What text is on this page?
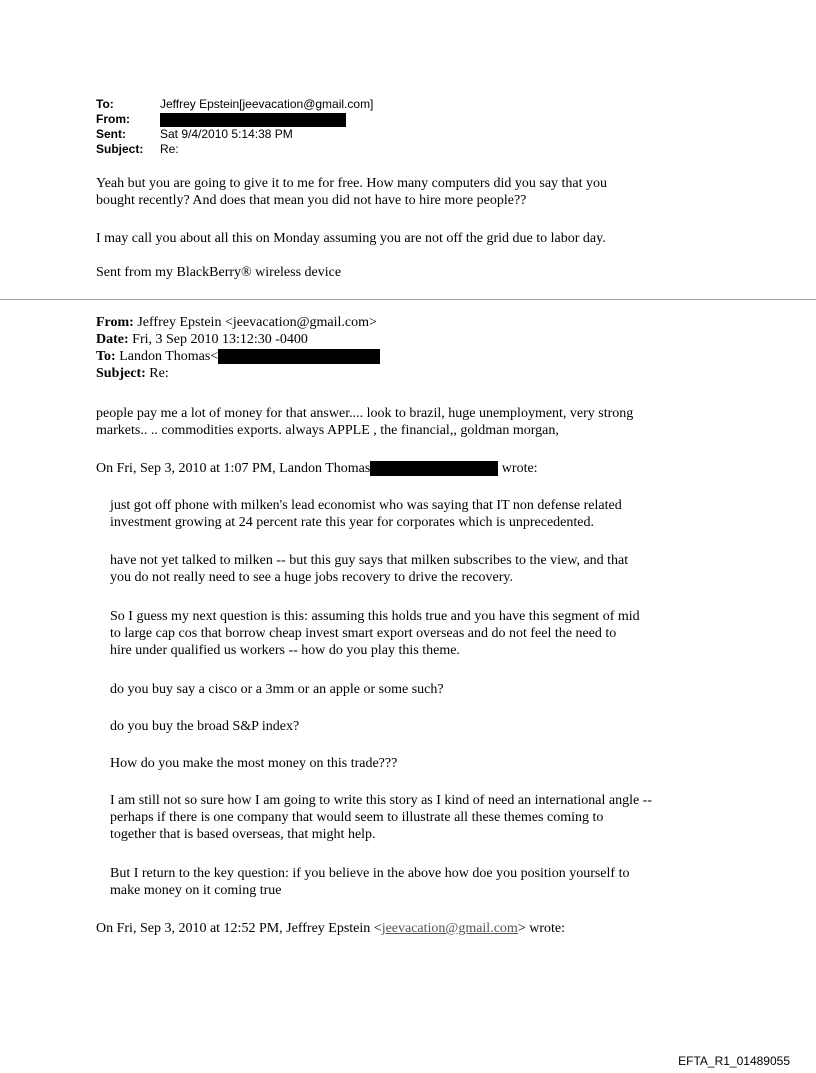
To:	Jeffrey Epstein[jeevacation@gmail.com]
From:
Sent:	Sat 9/4/2010 5:14:38 PM
Subject: Re:

Yeah but you are going to give it to me for free. How many computers did you say that you
bought recently? And does that mean you did not have to hire more people??

I may call you about all this on Monday assuming you are not off the grid due to labor day.

Sent from my BlackBerry® wireless device

From: Jeffrey Epstein <jeevacation@gmail.com>
Date: Fri, 3 Sep 2010 13:12:30 -0400
To: Landon Thomas<
Subject: Re:

people pay me a lot of money for that answer.... look to brazil, huge unemployment, very strong
markets.. .. commodities exports. always APPLE , the financial,, goldman morgan,

On Fri, Sep 3, 2010 at 1:07 PM, Landon Thomas	wrote:

just got off phone with milken's lead economist who was saying that IT non defense related
investment growing at 24 percent rate this year for corporates which is unprecedented.

have not yet talked to milken -- but this guy says that milken subscribes to the view, and that
you do not really need to see a huge jobs recovery to drive the recovery.

So I guess my next question is this: assuming this holds true and you have this segment of mid
to large cap cos that borrow cheap invest smart export overseas and do not feel the need to
hire under qualified us workers -- how do you play this theme.

do you buy say a cisco or a 3mm or an apple or some such?

do you buy the broad S&P index?

How do you make the most money on this trade???

I am still not so sure how I am going to write this story as I kind of need an international angle --
perhaps if there is one company that would seem to illustrate all these themes coming to
together that is based overseas, that might help.

But I return to the key question: if you believe in the above how doe you position yourself to
make money on it coming true

On Fri, Sep 3, 2010 at 12:52 PM, Jeffrey Epstein <jeevacation@gmail.com> wrote:

EFTA_R1_01489055
